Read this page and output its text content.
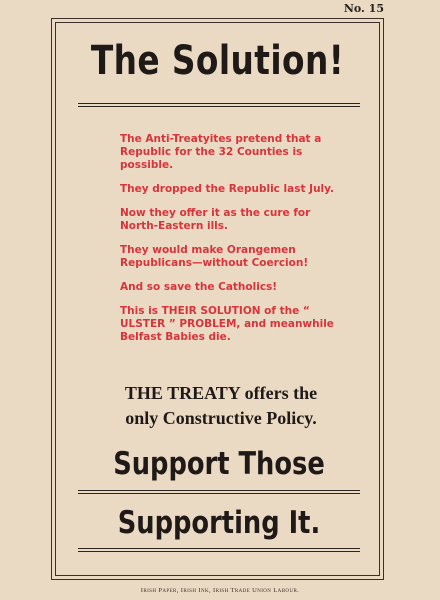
No. 15
The Solution!

The Anti-Treatyites pretend that a Republic for the 32 Counties is possible.

They dropped the Republic last July.

Now they offer it as the cure for North-Eastern ills.

They would make Orangemen Republicans—without Coercion!

And so save the Catholics!

This is THEIR SOLUTION of the “ ULSTER ” PROBLEM, and meanwhile Belfast Babies die.

THE TREATY offers the
only Constructive Policy.
Support Those
Supporting It.
Irish Paper, Irish Ink, Irish Trade Union Labour.
